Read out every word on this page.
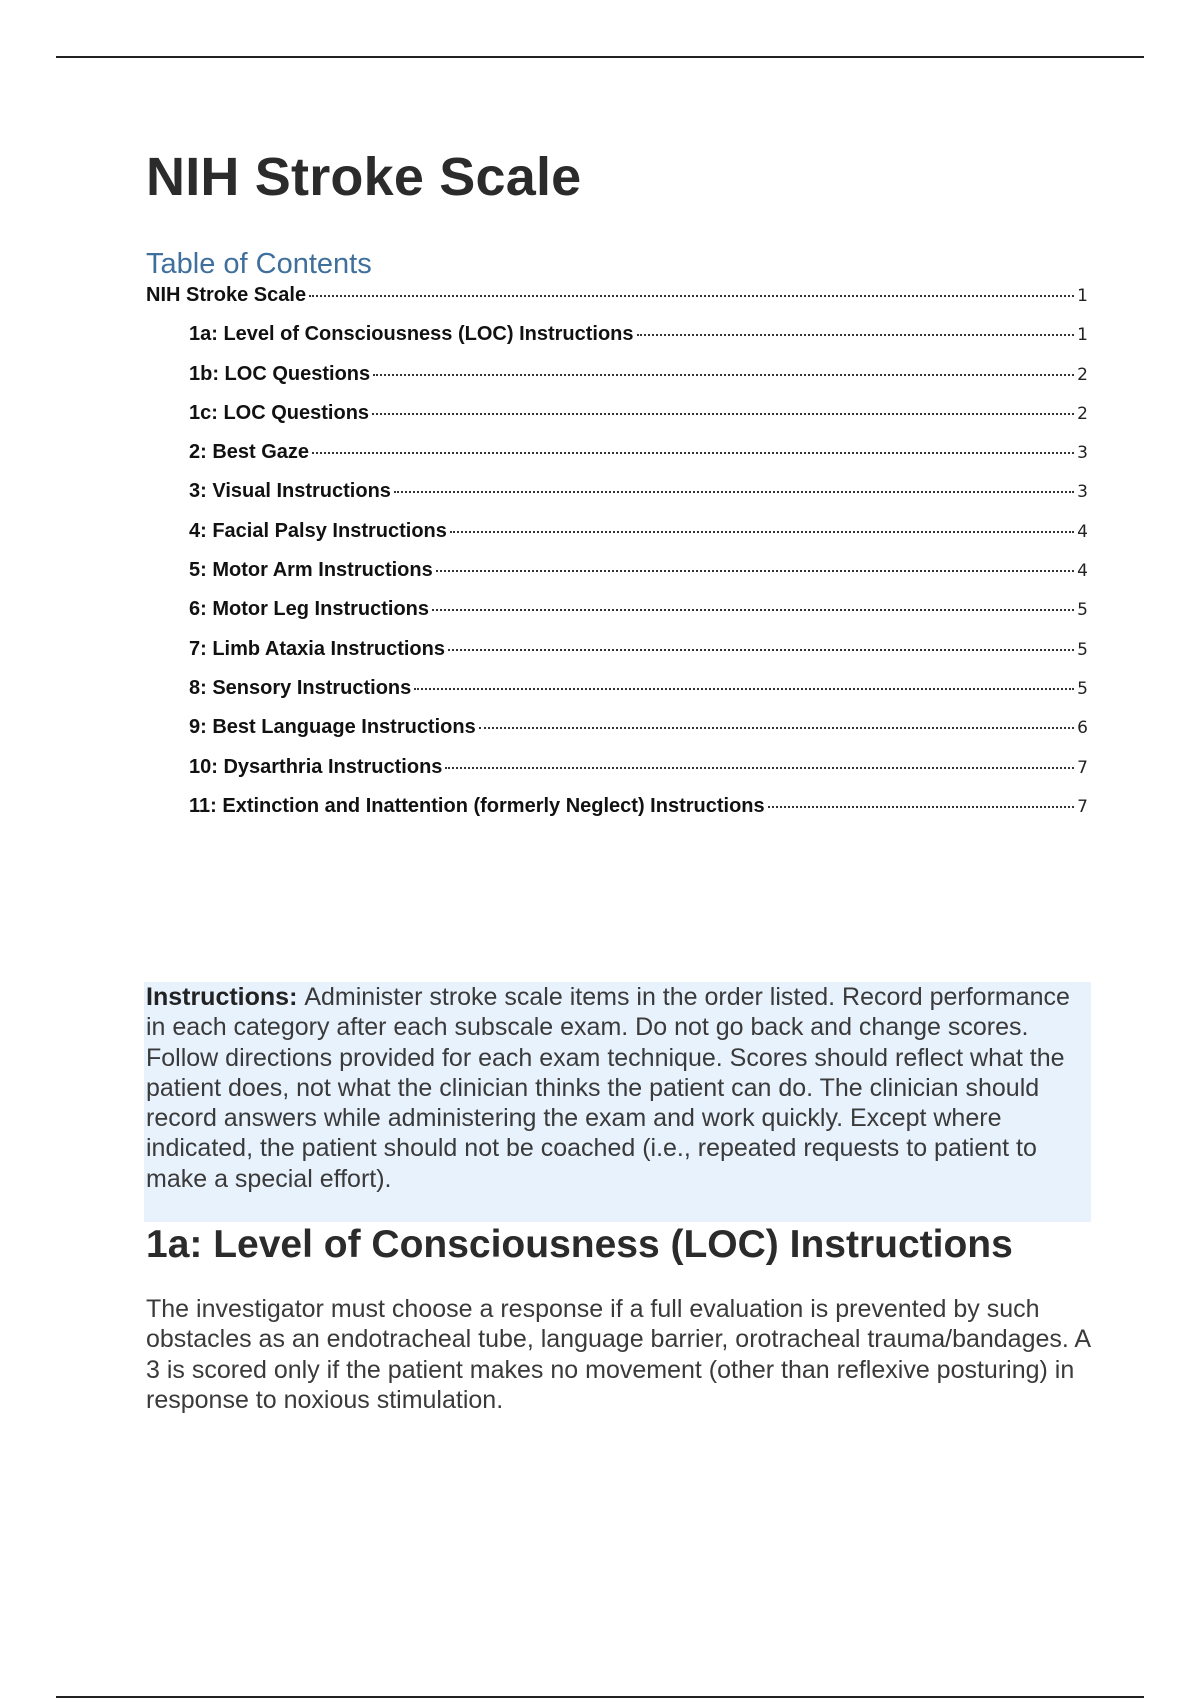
NIH Stroke Scale
Table of Contents
NIH Stroke Scale	1
1a: Level of Consciousness (LOC) Instructions	1
1b: LOC Questions	2
1c: LOC Questions	2
2: Best Gaze	3
3: Visual Instructions	3
4: Facial Palsy Instructions	4
5: Motor Arm Instructions	4
6: Motor Leg Instructions	5
7: Limb Ataxia Instructions	5
8: Sensory Instructions	5
9: Best Language Instructions	6
10: Dysarthria Instructions	7
11: Extinction and Inattention (formerly Neglect) Instructions	7
Instructions: Administer stroke scale items in the order listed. Record performance in each category after each subscale exam. Do not go back and change scores. Follow directions provided for each exam technique. Scores should reflect what the patient does, not what the clinician thinks the patient can do. The clinician should record answers while administering the exam and work quickly. Except where indicated, the patient should not be coached (i.e., repeated requests to patient to make a special effort).
1a: Level of Consciousness (LOC) Instructions

The investigator must choose a response if a full evaluation is prevented by such obstacles as an endotracheal tube, language barrier, orotracheal trauma/bandages. A 3 is scored only if the patient makes no movement (other than reflexive posturing) in response to noxious stimulation.
